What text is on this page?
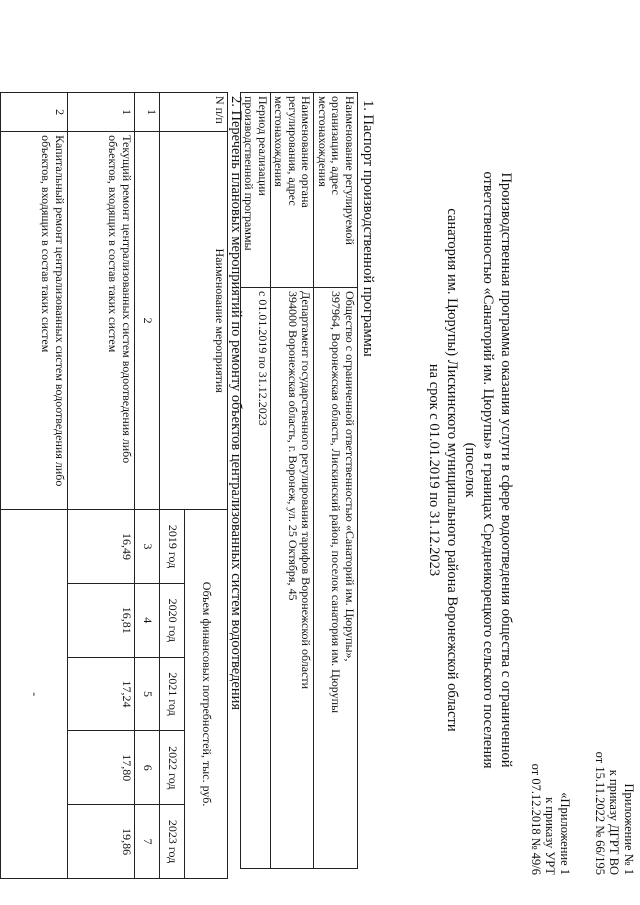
Приложение № 1
к приказу ДГРТ ВО
от 15.11.2022 № 66/195
«Приложение 1
к приказу УРТ
от 07.12.2018 № 49/6
Производственная программа оказания услуги в сфере водоотведения общества с ограниченной
ответственностью «Санаторий им. Цюрупы» в границах Среднеикорецкого сельского поселения (поселок
санатория им. Цюрупы) Лискинского муниципального района Воронежской области
на срок с 01.01.2019 по 31.12.2023
1. Паспорт производственной программы
Наименование регулируемой организации, адрес местонахождения	Общество с ограниченной ответственностью «Санаторий им. Цюрупы»,
397964, Воронежская область, Лискинский район, поселок санатория им. Цюрупы

Наименование органа регулирования, адрес местонахождения	Департамент государственного регулирования тарифов Воронежской области
394000 Воронежская область, г. Воронеж, ул. 25 Октября, 45

Период реализации производственной программы	с 01.01.2019 по 31.12.2023
2. Перечень плановых мероприятий по ремонту объектов централизованных систем водоотведения
N п/п	Наименование мероприятия	Объем финансовых потребностей, тыс. руб.				
		2019 год	2020 год	2021 год	2022 год	2023 год
1	2	3	4	5	6	7
1	Текущий ремонт централизованных систем водоотведения либо объектов, входящих в состав таких систем	16,49	16,81	17,24	17,80	19,86
2	Капитальный ремонт централизованных систем водоотведения либо объектов, входящих в состав таких систем	-				
